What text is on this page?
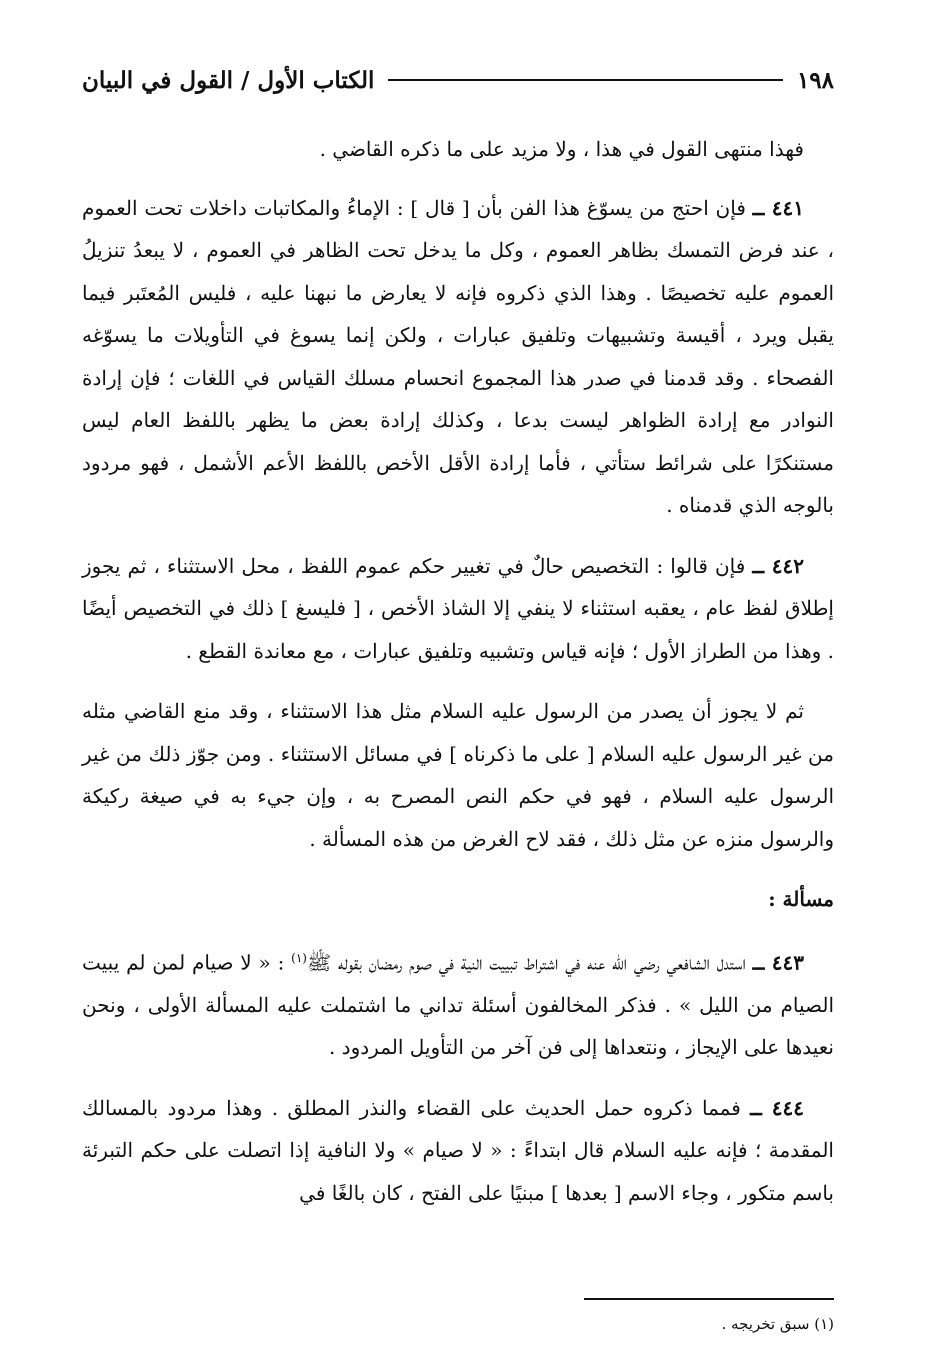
١٩٨
الكتاب الأول / القول في البيان

فهذا منتهى القول في هذا ، ولا مزيد على ما ذكره القاضي .

٤٤١ ــ فإن احتج من يسوّغ هذا الفن بأن [ قال ] : الإماءُ والمكاتبات داخلات تحت العموم ، عند فرض التمسك بظاهر العموم ، وكل ما يدخل تحت الظاهر في العموم ، لا يبعدُ تنزيلُ العموم عليه تخصيصًا . وهذا الذي ذكروه فإنه لا يعارض ما نبهنا عليه ، فليس المُعتَبر فيما يقبل ويرد ، أقيسة وتشبيهات وتلفيق عبارات ، ولكن إنما يسوغ في التأويلات ما يسوّغه الفصحاء . وقد قدمنا في صدر هذا المجموع انحسام مسلك القياس في اللغات ؛ فإن إرادة النوادر مع إرادة الظواهر ليست بدعا ، وكذلك إرادة بعض ما يظهر باللفظ العام ليس مستنكرًا على شرائط ستأتي ، فأما إرادة الأقل الأخص باللفظ الأعم الأشمل ، فهو مردود بالوجه الذي قدمناه .

٤٤٢ ــ فإن قالوا : التخصيص حالٌ في تغيير حكم عموم اللفظ ، محل الاستثناء ، ثم يجوز إطلاق لفظ عام ، يعقبه استثناء لا ينفي إلا الشاذ الأخص ، [ فليسغ ] ذلك في التخصيص أيضًا . وهذا من الطراز الأول ؛ فإنه قياس وتشبيه وتلفيق عبارات ، مع معاندة القطع .

ثم لا يجوز أن يصدر من الرسول عليه السلام مثل هذا الاستثناء ، وقد منع القاضي مثله من غير الرسول عليه السلام [ على ما ذكرناه ] في مسائل الاستثناء . ومن جوّز ذلك من غير الرسول عليه السلام ، فهو في حكم النص المصرح به ، وإن جيء به في صيغة ركيكة والرسول منزه عن مثل ذلك ، فقد لاح الغرض من هذه المسألة .

مسألة :

٤٤٣ ــ استدل الشافعي رضي الله عنه في اشتراط تبييت النية في صوم رمضان بقوله ﷺ$^{(١)}$ : « لا صيام لمن لم يبيت الصيام من الليل » . فذكر المخالفون أسئلة تداني ما اشتملت عليه المسألة الأولى ، ونحن نعيدها على الإيجاز ، ونتعداها إلى فن آخر من التأويل المردود .

٤٤٤ ــ فمما ذكروه حمل الحديث على القضاء والنذر المطلق . وهذا مردود بالمسالك المقدمة ؛ فإنه عليه السلام قال ابتداءً : « لا صيام » ولا النافية إذا اتصلت على حكم التبرئة باسم متكور ، وجاء الاسم [ بعدها ] مبنيًا على الفتح ، كان بالغًا في

(١) سبق تخريجه .
